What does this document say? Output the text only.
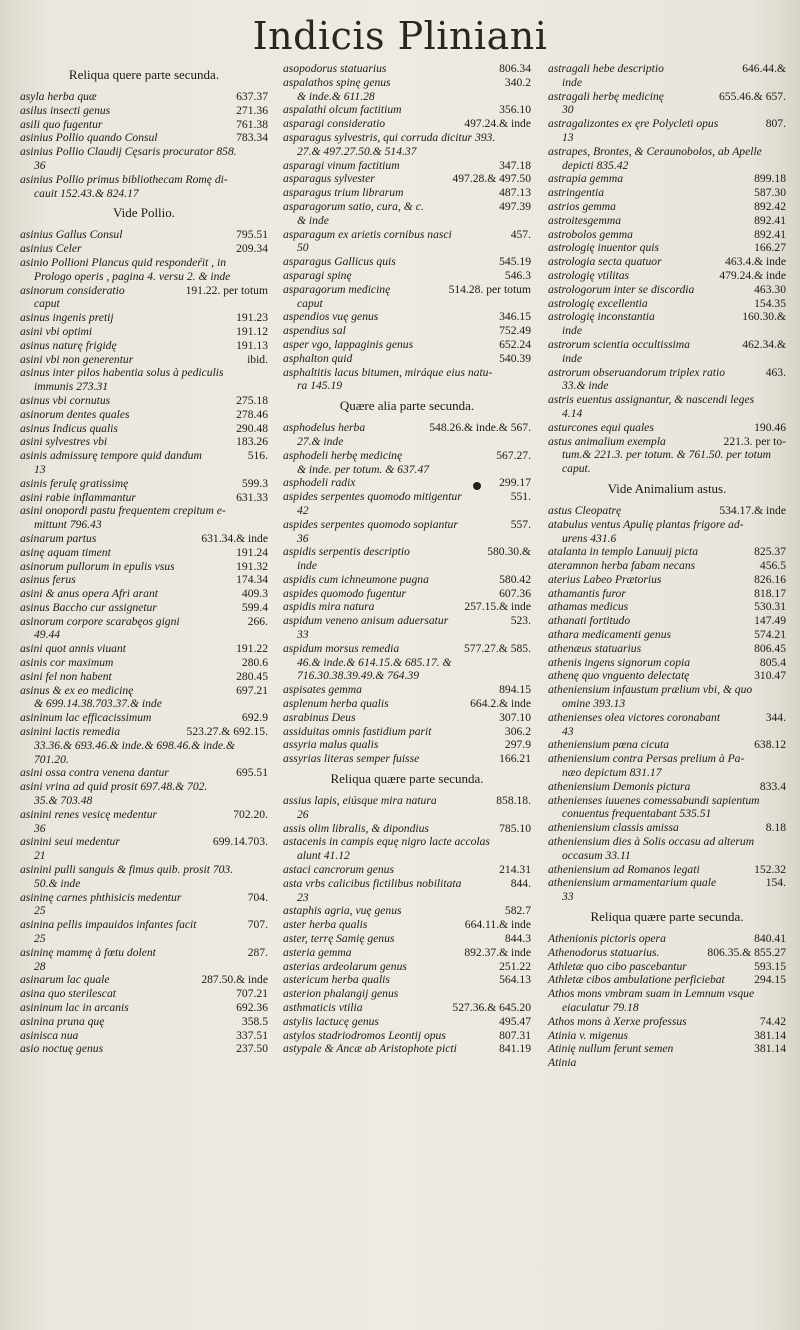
Indicis Pliniani
Reliqua quere parte secunda.
637.37
asyla herba quæ
271.36
asilus insecti genus
761.38
asili quo fugentur
783.34
asinius Pollio quando Consul
asinius Pollio Claudij Cęsaris procurator 858.
36
asinius Pollio primus bibliothecam Romę di-
cauit 152.43.& 824.17
Vide Pollio.
795.51
asinius Gallus Consul
209.34
asinius Celer
asinio Pollioni Plancus quid respondeŕit , in
Prologo operis , pagina 4. versu 2. & inde
191.22. per totum
asinorum consideratio
caput
191.23
asinus ingenis pretij
191.12
asini vbi optimi
191.13
asinus naturę frigidę
ibid.
asini vbi non generentur
asinus inter pilos habentia solus à pediculis
immunis 273.31
275.18
asinus vbi cornutus
278.46
asinorum dentes quales
290.48
asinus Indicus qualis
183.26
asini sylvestres vbi
516.
asinis admissurę tempore quid dandum
13
599.3
asinis ferulę gratissimę
631.33
asini rabie inflammantur
asini onopordi pastu frequentem crepitum e-
mittunt 796.43
631.34.& inde
asinarum partus
191.24
asinę aquam timent
191.32
asinorum pullorum in epulis vsus
174.34
asinus ferus
409.3
asini & anus opera Afri arant
599.4
asinus Baccho cur assignetur
266.
asinorum corpore scarabęos gigni
49.44
191.22
asini quot annis viuant
280.6
asinis cor maximum
280.45
asini fel non habent
697.21
asinus & ex eo medicinę
& 699.14.38.703.37.& inde
692.9
asininum lac efficacissimum
523.27.& 692.15.
asinini lactis remedia
33.36.& 693.46.& inde.& 698.46.& inde.& 701.20.
695.51
asini ossa contra venena dantur
asini vrina ad quid prosit 697.48.& 702.
35.& 703.48
702.20.
asinini renes vesicę medentur
36
699.14.703.
asinini seui medentur
21
asinini pulli sanguis & fimus quib. prosit 703.
50.& inde
704.
asininę carnes phthisicis medentur
25
707.
asinina pellis impauidos infantes facit
25
287.
asininę mammę à fœtu dolent
28
287.50.& inde
asinarum lac quale
707.21
asina quo sterilescat
692.36
asininum lac in arcanis
358.5
asinina pruna quę
337.51
asinisca nua
237.50
asio noctuę genus
806.34
asopodorus statuarius
340.2
aspalathos spinę genus
& inde.& 611.28
356.10
aspalathi olcum factitium
497.24.& inde
asparagi consideratio
asparagus sylvestris, qui corruda dicitur 393.
27.& 497.27.50.& 514.37
347.18
asparagi vinum factitium
497.28.& 497.50
asparagus sylvester
487.13
asparagus trium librarum
497.39
asparagorum satio, cura, & c.
& inde
457.
asparagum ex arietis cornibus nasci
50
545.19
asparagus Gallicus quis
546.3
asparagi spinę
514.28. per totum
asparagorum medicinę
caput
346.15
aspendios vuę genus
752.49
aspendius sal
652.24
asper vgo, lappaginis genus
540.39
asphalton quid
asphaltitis lacus bitumen, miráque eius natu-
ra 145.19
Quære alia parte secunda.
548.26.& inde.& 567.
asphodelus herba
27.& inde
567.27.
asphodeli herbę medicinę
& inde. per totum. & 637.47
299.17
asphodeli radix
551.
aspides serpentes quomodo mitigentur
42
557.
aspides serpentes quomodo sopiantur
36
580.30.&
aspidis serpentis descriptio
inde
580.42
aspidis cum ichneumone pugna
607.36
aspides quomodo fugentur
257.15.& inde
aspidis mira natura
523.
aspidum veneno anisum aduersatur
33
577.27.& 585.
aspidum morsus remedia
46.& inde.& 614.15.& 685.17. & 716.30.38.39.49.& 764.39
894.15
aspisates gemma
664.2.& inde
asplenum herba qualis
307.10
asrabinus Deus
306.2
assiduitas omnis fastidium parit
297.9
assyria malus qualis
166.21
assyrias literas semper fuisse
Reliqua quære parte secunda.
858.18.
assius lapis, eiúsque mira natura
26
785.10
assis olim libralis, & dipondius
astacenis in campis equę nigro lacte accolas
alunt 41.12
214.31
astaci cancrorum genus
844.
asta vrbs calicibus fictilibus nobilitata
23
582.7
astaphis agria, vuę genus
664.11.& inde
aster herba qualis
844.3
aster, terrę Samię genus
892.37.& inde
asteria gemma
251.22
asterias ardeolarum genus
564.13
astericum herba qualis
asterion phalangij genus
527.36.& 645.20
asthmaticis vtilia
495.47
astylis lactucę genus
807.31
astylos stadriodromos Leontij opus
841.19
astypale & Ancæ ab Aristophote picti
646.44.&
astragali hebe descriptio
inde
655.46.& 657.
astragali herbę medicinę
30
807.
astragalizontes ex ęre Polycleti opus
13
astrapes, Brontes, & Ceraunobolos, ab Apelle
depicti 835.42
899.18
astrapia gemma
587.30
astringentia
892.42
astrios gemma
892.41
astroitesgemma
892.41
astrobolos gemma
166.27
astrologię inuentor quis
463.4.& inde
astrologia secta quatuor
479.24.& inde
astrologię vtilitas
463.30
astrologorum inter se discordia
154.35
astrologię excellentia
160.30.&
astrologię inconstantia
inde
462.34.&
astrorum scientia occultissima
inde
463.
astrorum obseruandorum triplex ratio
33.& inde
astris euentus assignantur, & nascendi leges
4.14
190.46
asturcones equi quales
221.3. per to-
astus animalium exempla
tum.& 221.3. per totum. & 761.50. per totum caput.
Vide Animalium astus.
534.17.& inde
astus Cleopatrę
atabulus ventus Apulię plantas frigore ad-
urens 431.6
825.37
atalanta in templo Lanuuij picta
456.5
ateramnon herba fabam necans
826.16
aterius Labeo Prætorius
818.17
athamantis furor
530.31
athamas medicus
147.49
athanati fortitudo
574.21
athara medicamenti genus
806.45
athenæus statuarius
805.4
athenis ingens signorum copia
310.47
athenę quo vnguento delectatę
atheniensium infaustum prælium vbi, & quo
omine 393.13
344.
athenienses olea victores coronabant
43
638.12
atheniensium pœna cicuta
atheniensium contra Persas prelium à Pa-
næo depictum 831.17
833.4
atheniensium Demonis pictura
athenienses iuuenes comessabundi sapientum
conuentus frequentabant 535.51
8.18
atheniensium classis amissa
atheniensium dies à Solis occasu ad alterum
occasum 33.11
152.32
atheniensium ad Romanos legati
154.
atheniensium armamentarium quale
33
Reliqua quære parte secunda.
840.41
Athenionis pictoris opera
806.35.& 855.27
Athenodorus statuarius.
593.15
Athletæ quo cibo pascebantur
294.15
Athletæ cibos ambulatione perficiebat
Athos mons vmbram suam in Lemnum vsque
eiaculatur 79.18
74.42
Athos mons à Xerxe professus
381.14
Atinia v. migenus
381.14
Atinię nullum ferunt semen
Atinia
